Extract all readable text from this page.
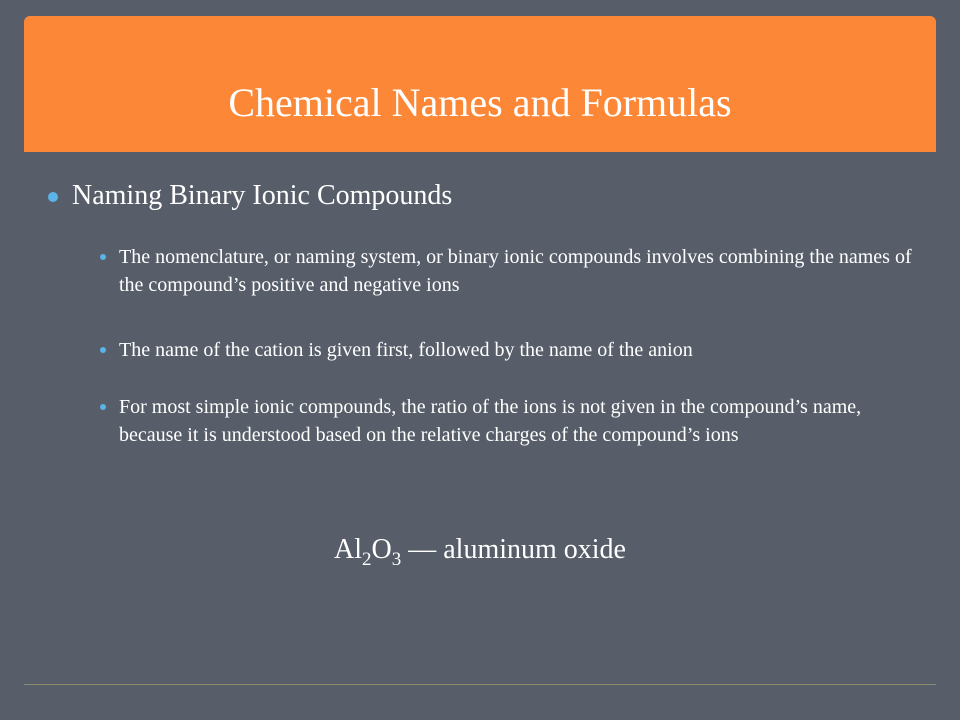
Chemical Names and Formulas
Naming Binary Ionic Compounds
The nomenclature, or naming system, or binary ionic compounds involves combining the names of the compound’s positive and negative ions
The name of the cation is given first, followed by the name of the anion
For most simple ionic compounds, the ratio of the ions is not given in the compound’s name, because it is understood based on the relative charges of the compound’s ions
$Al_2O_3$ — aluminum oxide
